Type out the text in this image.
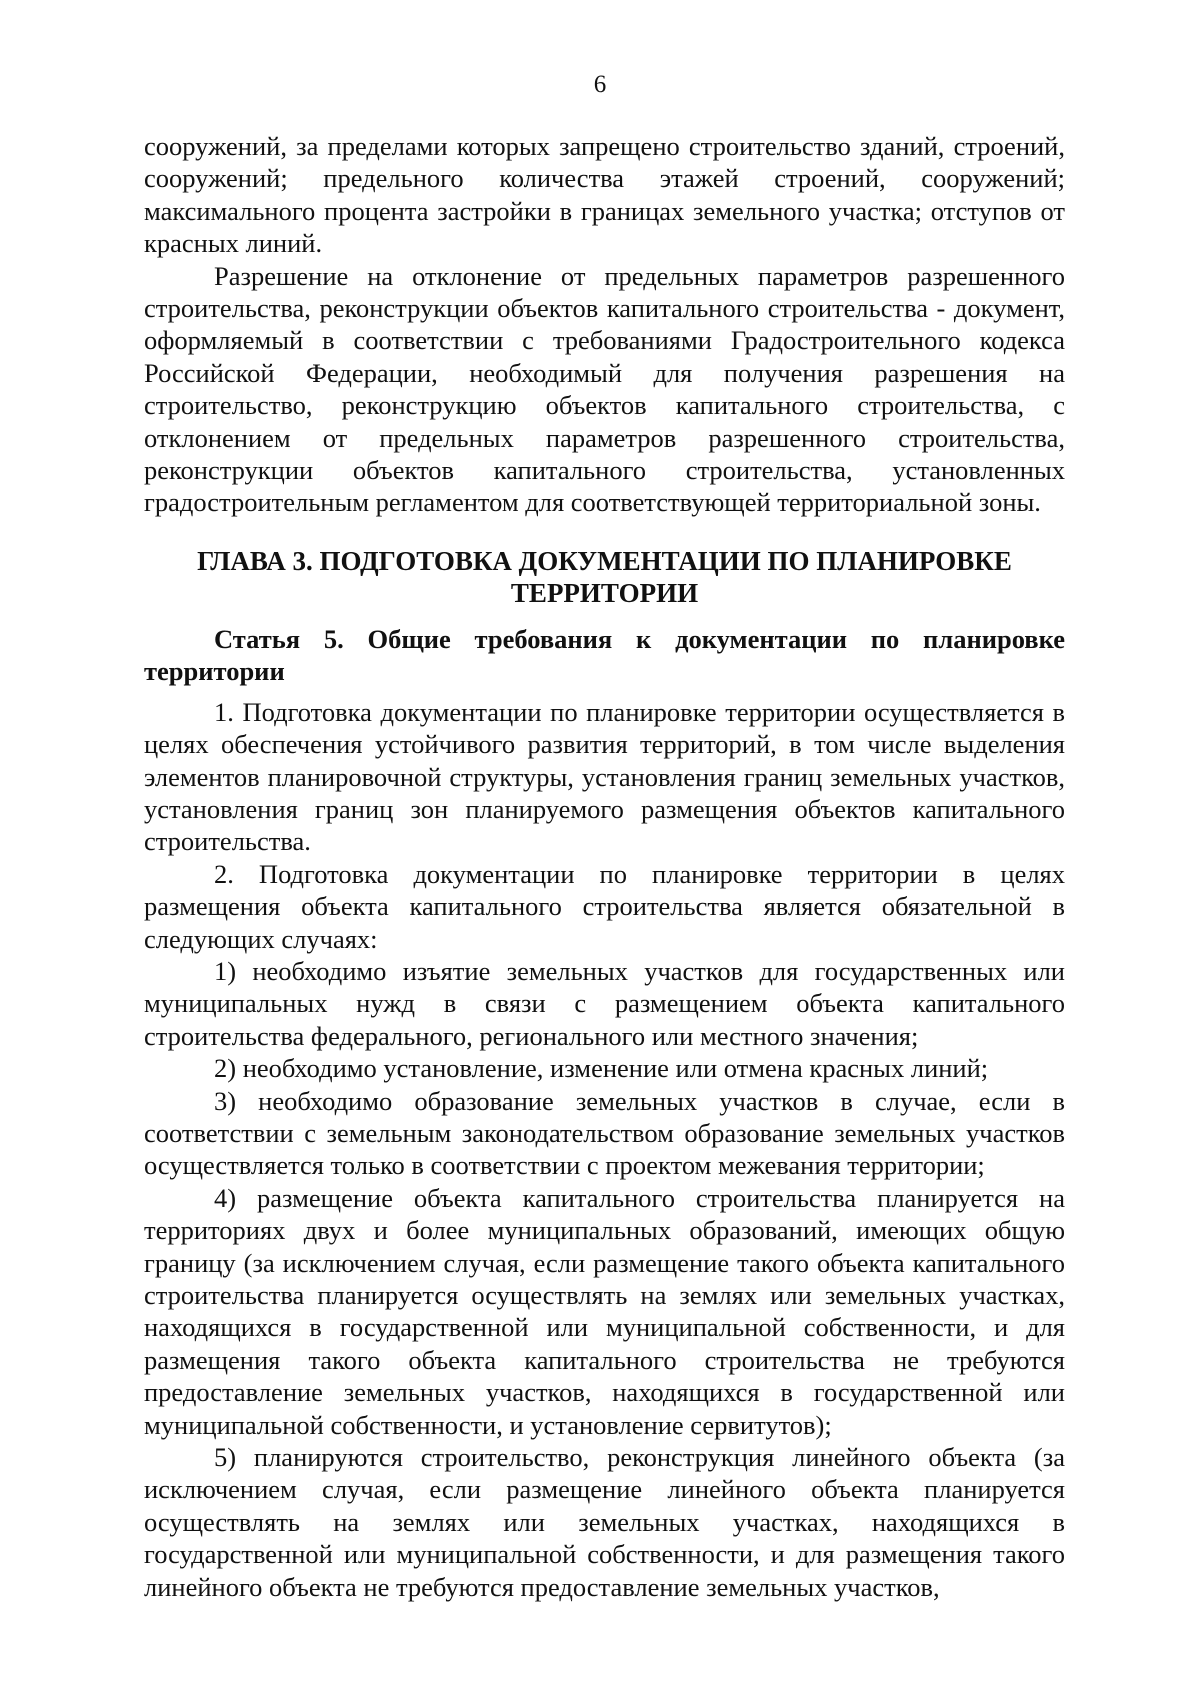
6

сооружений, за пределами которых запрещено строительство зданий, строений, сооружений; предельного количества этажей строений, сооружений; максимального процента застройки в границах земельного участка; отступов от красных линий.

Разрешение на отклонение от предельных параметров разрешенного строительства, реконструкции объектов капитального строительства - документ, оформляемый в соответствии с требованиями Градостроительного кодекса Российской Федерации, необходимый для получения разрешения на строительство, реконструкцию объектов капитального строительства, с отклонением от предельных параметров разрешенного строительства, реконструкции объектов капитального строительства, установленных градостроительным регламентом для соответствующей территориальной зоны.

ГЛАВА 3. ПОДГОТОВКА ДОКУМЕНТАЦИИ ПО ПЛАНИРОВКЕ ТЕРРИТОРИИ
Статья 5. Общие требования к документации по планировке территории

1. Подготовка документации по планировке территории осуществляется в целях обеспечения устойчивого развития территорий, в том числе выделения элементов планировочной структуры, установления границ земельных участков, установления границ зон планируемого размещения объектов капитального строительства.

2. Подготовка документации по планировке территории в целях размещения объекта капитального строительства является обязательной в следующих случаях:

1) необходимо изъятие земельных участков для государственных или муниципальных нужд в связи с размещением объекта капитального строительства федерального, регионального или местного значения;

2) необходимо установление, изменение или отмена красных линий;

3) необходимо образование земельных участков в случае, если в соответствии с земельным законодательством образование земельных участков осуществляется только в соответствии с проектом межевания территории;

4) размещение объекта капитального строительства планируется на территориях двух и более муниципальных образований, имеющих общую границу (за исключением случая, если размещение такого объекта капитального строительства планируется осуществлять на землях или земельных участках, находящихся в государственной или муниципальной собственности, и для размещения такого объекта капитального строительства не требуются предоставление земельных участков, находящихся в государственной или муниципальной собственности, и установление сервитутов);

5) планируются строительство, реконструкция линейного объекта (за исключением случая, если размещение линейного объекта планируется осуществлять на землях или земельных участках, находящихся в государственной или муниципальной собственности, и для размещения такого линейного объекта не требуются предоставление земельных участков,
